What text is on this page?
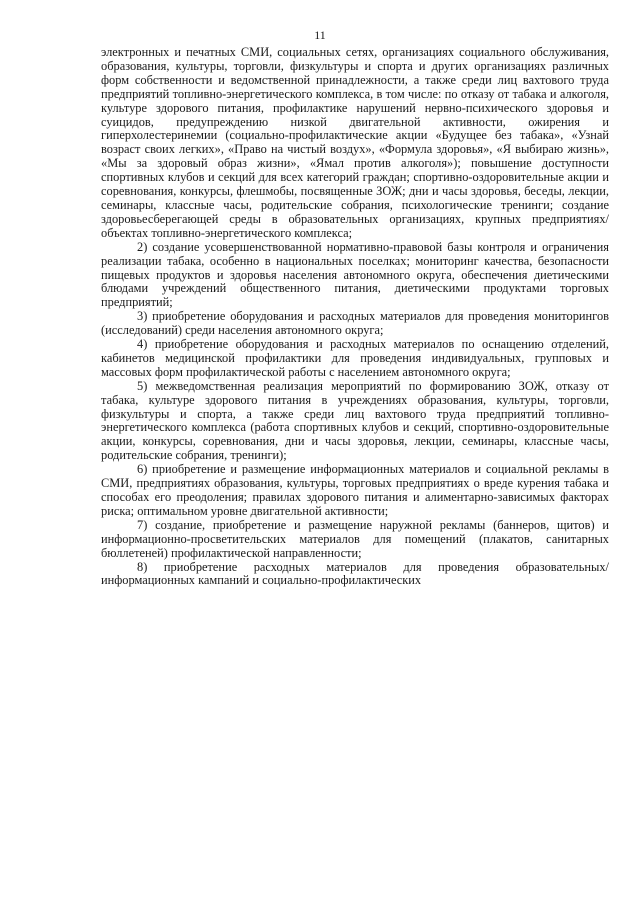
11

электронных и печатных СМИ, социальных сетях, организациях социального обслуживания, образования, культуры, торговли, физкультуры и спорта и других организациях различных форм собственности и ведомственной принадлежности, а также среди лиц вахтового труда предприятий топливно-энергетического комплекса, в том числе: по отказу от табака и алкоголя, культуре здорового питания, профилактике нарушений нервно-психического здоровья и суицидов, предупреждению низкой двигательной активности, ожирения и гиперхолестеринемии (социально-профилактические акции «Будущее без табака», «Узнай возраст своих легких», «Право на чистый воздух», «Формула здоровья», «Я выбираю жизнь», «Мы за здоровый образ жизни», «Ямал против алкоголя»); повышение доступности спортивных клубов и секций для всех категорий граждан; спортивно-оздоровительные акции и соревнования, конкурсы, флешмобы, посвященные ЗОЖ; дни и часы здоровья, беседы, лекции, семинары, классные часы, родительские собрания, психологические тренинги; создание здоровьесберегающей среды в образовательных организациях, крупных предприятиях/объектах топливно-энергетического комплекса;

2) создание усовершенствованной нормативно-правовой базы контроля и ограничения реализации табака, особенно в национальных поселках; мониторинг качества, безопасности пищевых продуктов и здоровья населения автономного округа, обеспечения диетическими блюдами учреждений общественного питания, диетическими продуктами торговых предприятий;

3) приобретение оборудования и расходных материалов для проведения мониторингов (исследований) среди населения автономного округа;

4) приобретение оборудования и расходных материалов по оснащению отделений, кабинетов медицинской профилактики для проведения индивидуальных, групповых и массовых форм профилактической работы с населением автономного округа;

5) межведомственная реализация мероприятий по формированию ЗОЖ, отказу от табака, культуре здорового питания в учреждениях образования, культуры, торговли, физкультуры и спорта, а также среди лиц вахтового труда предприятий топливно-энергетического комплекса (работа спортивных клубов и секций, спортивно-оздоровительные акции, конкурсы, соревнования, дни и часы здоровья, лекции, семинары, классные часы, родительские собрания, тренинги);

6) приобретение и размещение информационных материалов и социальной рекламы в СМИ, предприятиях образования, культуры, торговых предприятиях о вреде курения табака и способах его преодоления; правилах здорового питания и алиментарно-зависимых факторах риска; оптимальном уровне двигательной активности;

7) создание, приобретение и размещение наружной рекламы (баннеров, щитов) и информационно-просветительских материалов для помещений (плакатов, санитарных бюллетеней) профилактической направленности;

8) приобретение расходных материалов для проведения образовательных/информационных кампаний и социально-профилактических
